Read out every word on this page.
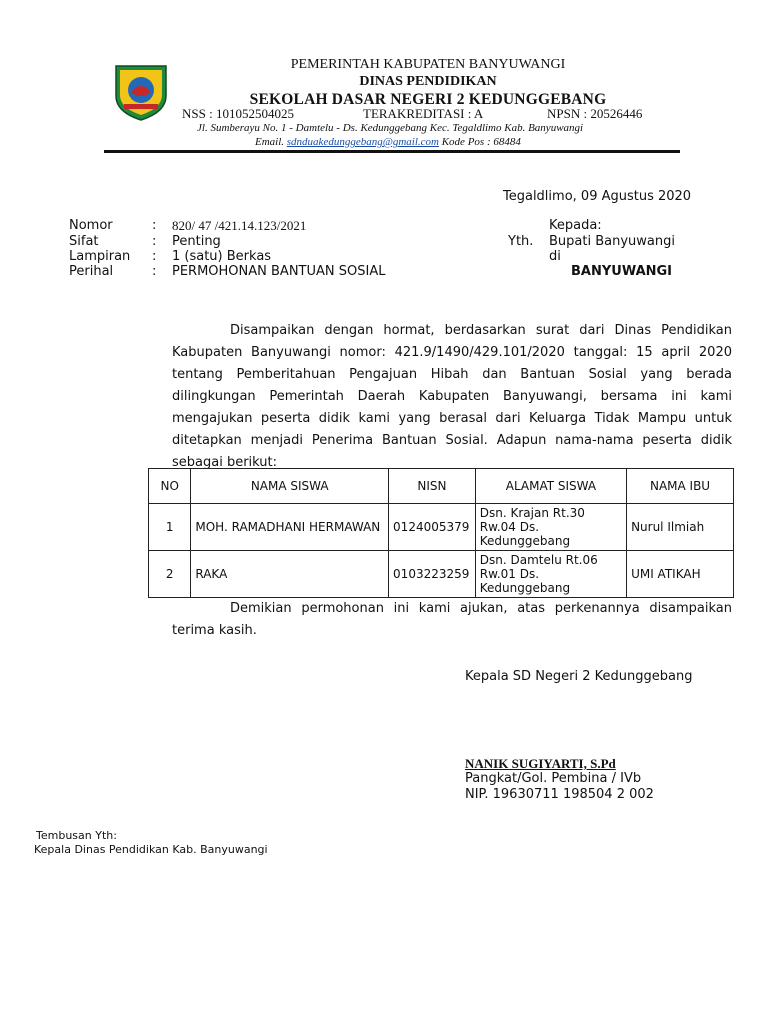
PEMERINTAH KABUPATEN BANYUWANGI
DINAS PENDIDIKAN
SEKOLAH DASAR NEGERI 2 KEDUNGGEBANG
NSS : 101052504025	TERAKREDITASI : A	NPSN : 20526446
Jl. Sumberayu No. 1 - Damtelu - Ds. Kedunggebang Kec. Tegaldlimo Kab. Banyuwangi
Email. sdnduakedunggebang@gmail.com Kode Pos : 68484
Tegaldlimo, 09 Agustus 2020
Nomor	: 820/ 47 /421.14.123/2021
Sifat	: Penting
Lampiran : 1 (satu) Berkas
Perihal	: PERMOHONAN BANTUAN SOSIAL
Kepada:
Yth. Bupati Banyuwangi
di
BANYUWANGI
Disampaikan dengan hormat, berdasarkan surat dari Dinas Pendidikan Kabupaten Banyuwangi nomor: 421.9/1490/429.101/2020 tanggal: 15 april 2020 tentang Pemberitahuan Pengajuan Hibah dan Bantuan Sosial yang berada dilingkungan Pemerintah Daerah Kabupaten Banyuwangi, bersama ini kami mengajukan peserta didik kami yang berasal dari Keluarga Tidak Mampu untuk ditetapkan menjadi Penerima Bantuan Sosial. Adapun nama-nama peserta didik sebagai berikut:
NO	NAMA SISWA	NISN	ALAMAT SISWA	NAMA IBU
1	MOH. RAMADHANI HERMAWAN	0124005379	Dsn. Krajan Rt.30 Rw.04 Ds. Kedunggebang	Nurul Ilmiah
2	RAKA	0103223259	Dsn. Damtelu Rt.06 Rw.01 Ds. Kedunggebang	UMI ATIKAH
Demikian permohonan ini kami ajukan, atas perkenannya disampaikan terima kasih.
Kepala SD Negeri 2 Kedunggebang
NANIK SUGIYARTI, S.Pd
Pangkat/Gol. Pembina / IVb
NIP. 19630711 198504 2 002
Tembusan Yth:
Kepala Dinas Pendidikan Kab. Banyuwangi
